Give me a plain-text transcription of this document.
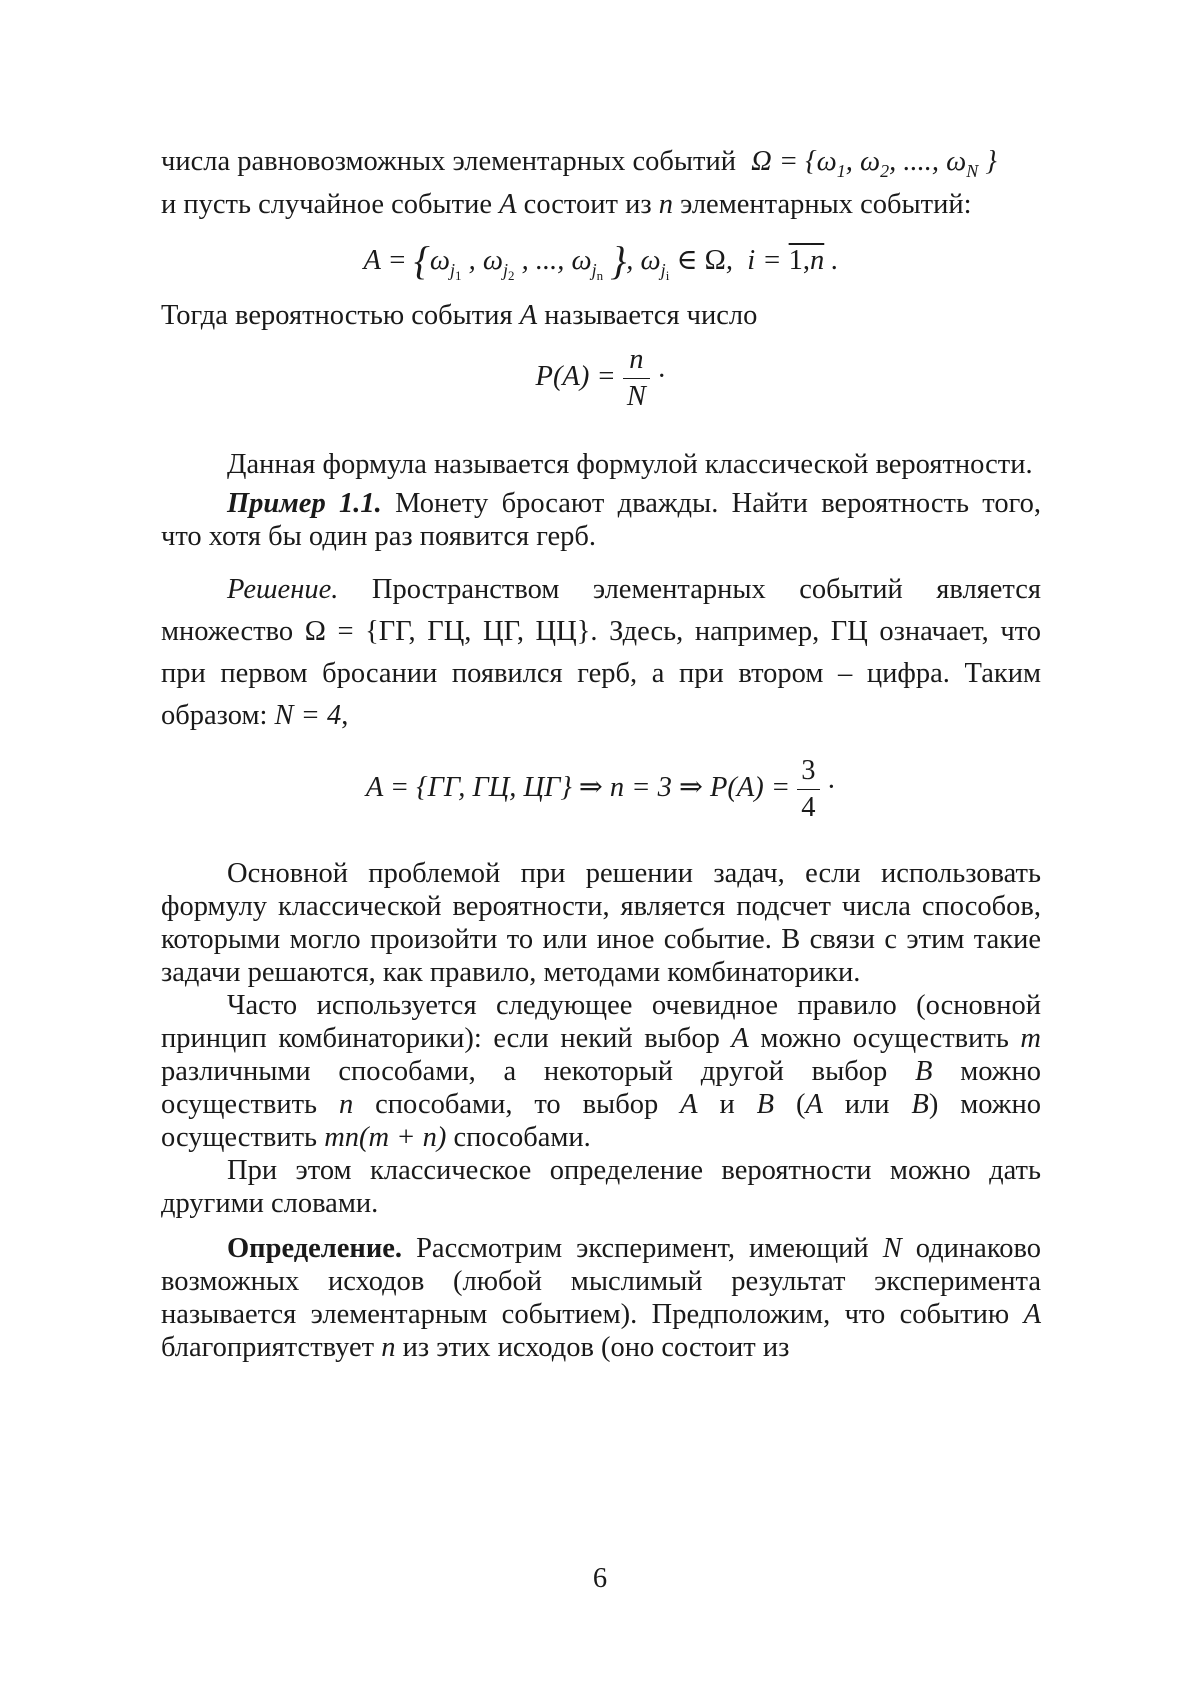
числа равновозможных элементарных событий $\Omega = \{\omega_1$, $\omega_2$, ...., $\omega_N$ }
и пусть случайное событие A состоит из n элементарных событий:

$A = \{\omega_{j_1}$ , $\omega_{j_2}$ , ..., $\omega_{j_n}$ }, $\omega_{j_i}$ ∈ Ω,  $i = 1,\overline{n}$ .

Тогда вероятностью события A называется число

$P(A) = \frac{n}{N}$ ·

Данная формула называется формулой классической вероятности.

Пример 1.1. Монету бросают дважды. Найти вероятность того, что хотя бы один раз появится герб.

Решение. Пространством элементарных событий является множество Ω = {ГГ, ГЦ, ЦГ, ЦЦ}. Здесь, например, ГЦ означает, что при первом бросании появился герб, а при втором – цифра. Таким образом: N = 4,

A = {ГГ, ГЦ, ЦГ} ⇒ n = 3 ⇒ $P(A) = \frac{3}{4}$ ·

Основной проблемой при решении задач, если использовать формулу классической вероятности, является подсчет числа способов, которыми могло произойти то или иное событие. В связи с этим такие задачи решаются, как правило, методами комбинаторики.

Часто используется следующее очевидное правило (основной принцип комбинаторики): если некий выбор A можно осуществить m различными способами, а некоторый другой выбор B можно осуществить n способами, то выбор A и B (A или B) можно осуществить mn(m + n) способами.

При этом классическое определение вероятности можно дать другими словами.

Определение. Рассмотрим эксперимент, имеющий N одинаково возможных исходов (любой мыслимый результат эксперимента называется элементарным событием). Предположим, что событию A благоприятствует n из этих исходов (оно состоит из

6
